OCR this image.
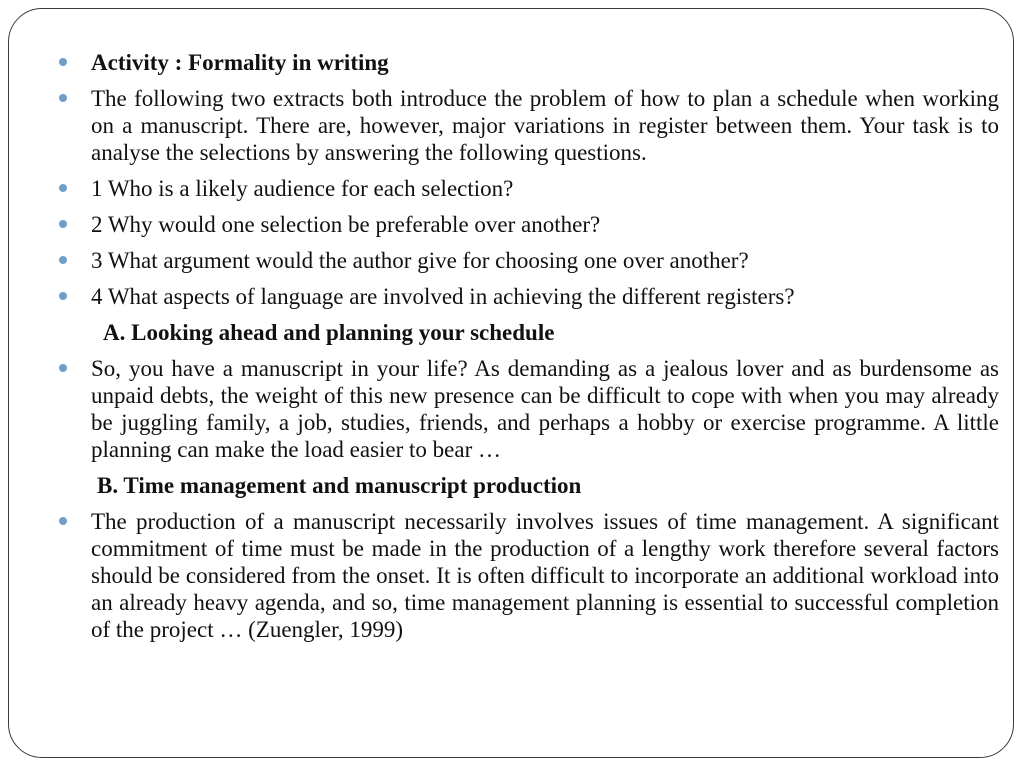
Activity : Formality in writing
The following two extracts both introduce the problem of how to plan a schedule when working on a manuscript. There are, however, major variations in register between them. Your task is to analyse the selections by answering the following questions.
1 Who is a likely audience for each selection?
2 Why would one selection be preferable over another?
3 What argument would the author give for choosing one over another?
4 What aspects of language are involved in achieving the different registers?
A. Looking ahead and planning your schedule
So, you have a manuscript in your life? As demanding as a jealous lover and as burdensome as unpaid debts, the weight of this new presence can be difficult to cope with when you may already be juggling family, a job, studies, friends, and perhaps a hobby or exercise programme. A little planning can make the load easier to bear …
B. Time management and manuscript production
The production of a manuscript necessarily involves issues of time management. A significant commitment of time must be made in the production of a lengthy work therefore several factors should be considered from the onset. It is often difficult to incorporate an additional workload into an already heavy agenda, and so, time management planning is essential to successful completion of the project … (Zuengler, 1999)
